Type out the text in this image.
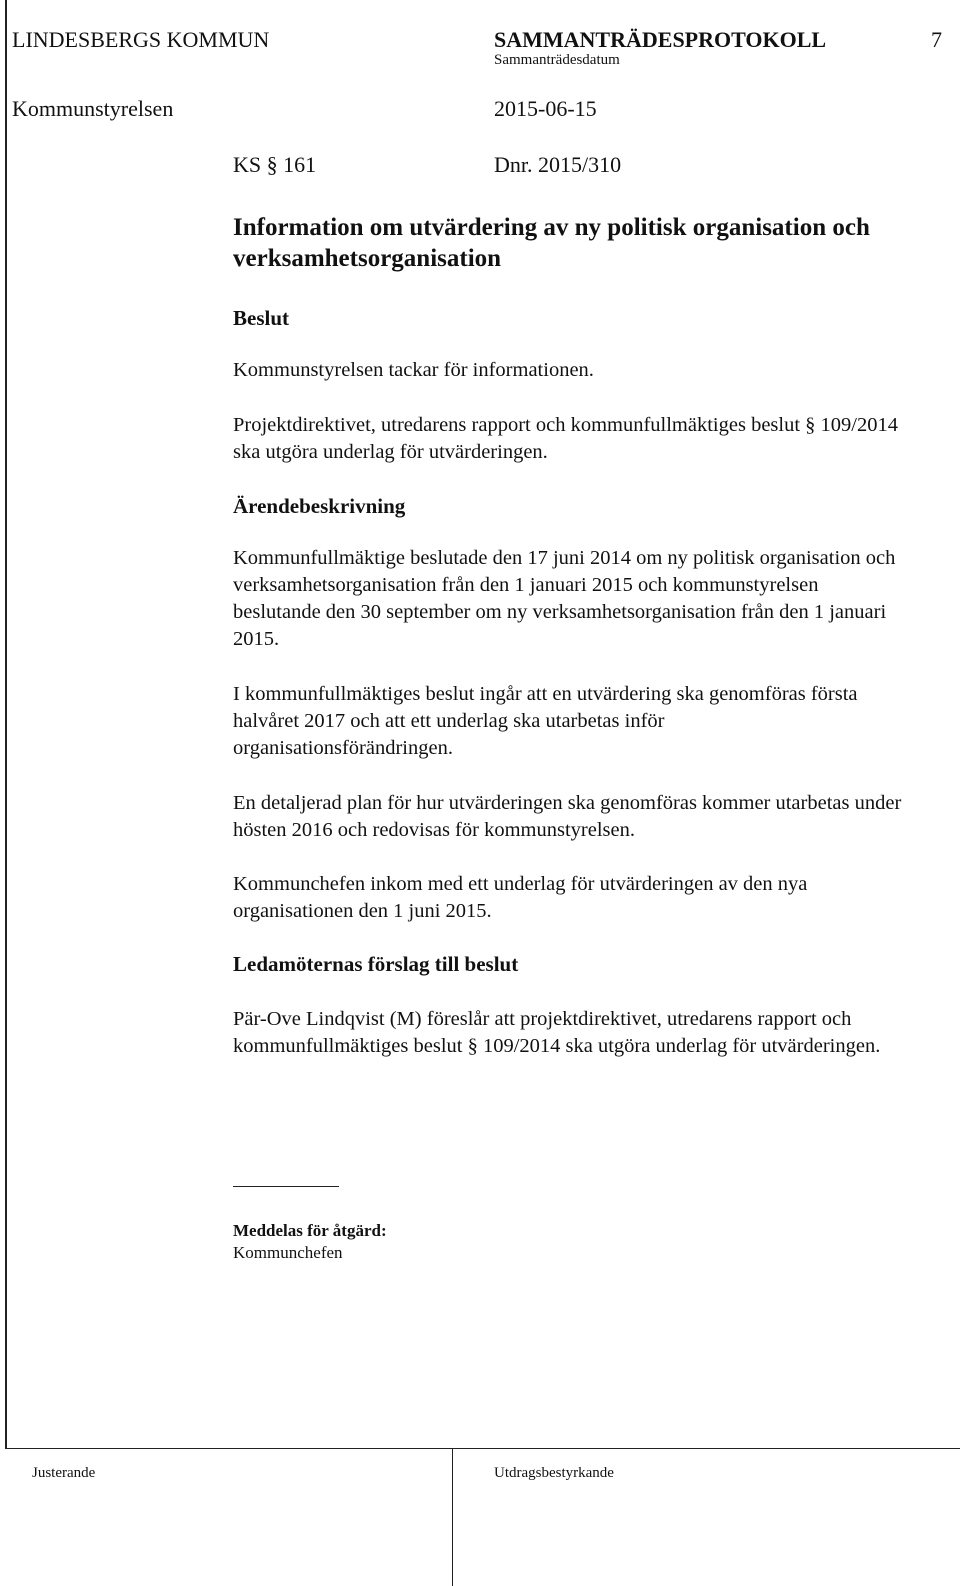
LINDESBERGS KOMMUN	SAMMANTRÄDESPROTOKOLL	7
Sammanträdesdatum
Kommunstyrelsen	2015-06-15
KS § 161	Dnr. 2015/310
Information om utvärdering av ny politisk organisation och verksamhetsorganisation
Beslut
Kommunstyrelsen tackar för informationen.
Projektdirektivet, utredarens rapport och kommunfullmäktiges beslut § 109/2014 ska utgöra underlag för utvärderingen.
Ärendebeskrivning
Kommunfullmäktige beslutade den 17 juni 2014 om ny politisk organisation och verksamhetsorganisation från den 1 januari 2015 och kommunstyrelsen beslutande den 30 september om ny verksamhetsorganisation från den 1 januari 2015.
I kommunfullmäktiges beslut ingår att en utvärdering ska genomföras första halvåret 2017 och att ett underlag ska utarbetas inför organisationsförändringen.
En detaljerad plan för hur utvärderingen ska genomföras kommer utarbetas under hösten 2016 och redovisas för kommunstyrelsen.
Kommunchefen inkom med ett underlag för utvärderingen av den nya organisationen den 1 juni 2015.
Ledamöternas förslag till beslut
Pär-Ove Lindqvist (M) föreslår att projektdirektivet, utredarens rapport och kommunfullmäktiges beslut § 109/2014 ska utgöra underlag för utvärderingen.
Meddelas för åtgärd:
Kommunchefen
Justerande	Utdragsbestyrkande
